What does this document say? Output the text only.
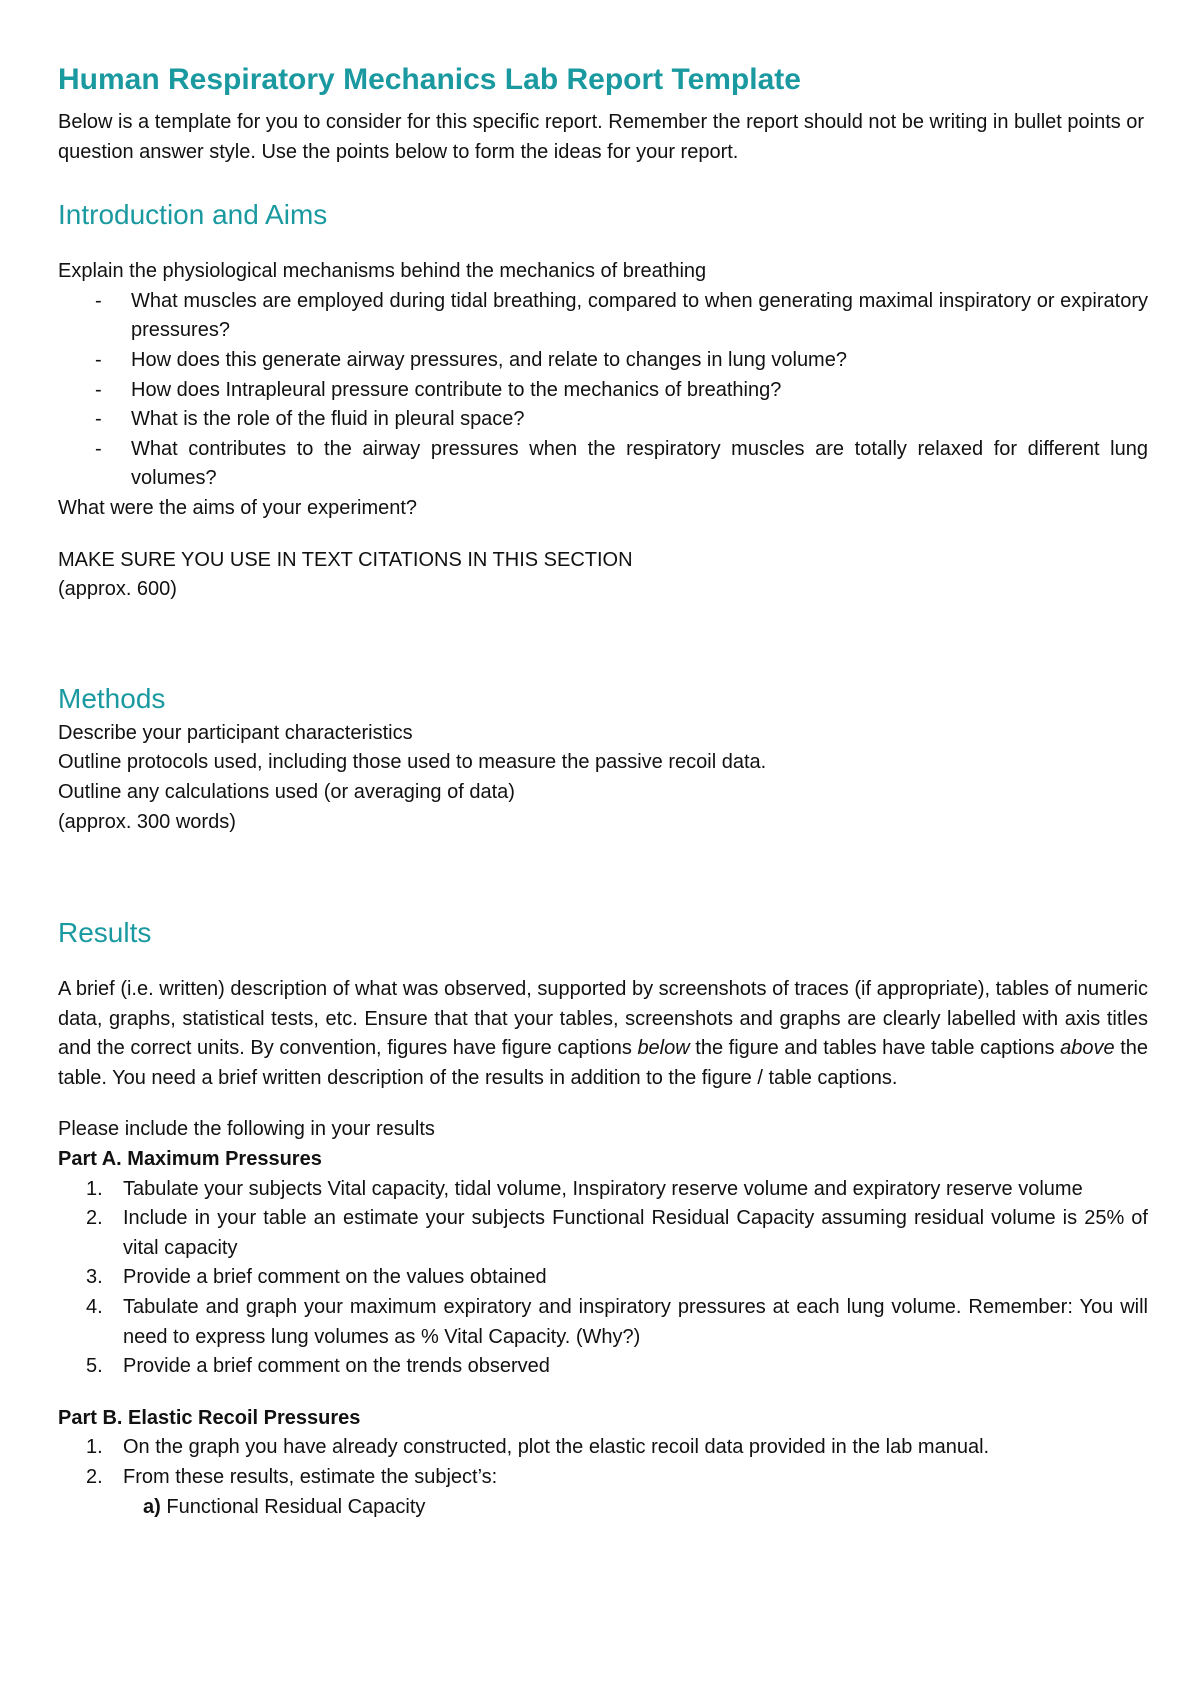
Human Respiratory Mechanics Lab Report Template

Below is a template for you to consider for this specific report. Remember the report should not be writing in bullet points or question answer style. Use the points below to form the ideas for your report.

Introduction and Aims

Explain the physiological mechanisms behind the mechanics of breathing

- What muscles are employed during tidal breathing, compared to when generating maximal inspiratory or expiratory pressures?
- How does this generate airway pressures, and relate to changes in lung volume?
- How does Intrapleural pressure contribute to the mechanics of breathing?
- What is the role of the fluid in pleural space?
- What contributes to the airway pressures when the respiratory muscles are totally relaxed for different lung volumes?

What were the aims of your experiment?

MAKE SURE YOU USE IN TEXT CITATIONS IN THIS SECTION

(approx. 600)

Methods

Describe your participant characteristics

Outline protocols used, including those used to measure the passive recoil data.

Outline any calculations used (or averaging of data)

(approx. 300 words)

Results

A brief (i.e. written) description of what was observed, supported by screenshots of traces (if appropriate), tables of numeric data, graphs, statistical tests, etc. Ensure that that your tables, screenshots and graphs are clearly labelled with axis titles and the correct units. By convention, figures have figure captions below the figure and tables have table captions above the table. You need a brief written description of the results in addition to the figure / table captions.

Please include the following in your results

Part A. Maximum Pressures

1. Tabulate your subjects Vital capacity, tidal volume, Inspiratory reserve volume and expiratory reserve volume
2. Include in your table an estimate your subjects Functional Residual Capacity assuming residual volume is 25% of vital capacity
3. Provide a brief comment on the values obtained
4. Tabulate and graph your maximum expiratory and inspiratory pressures at each lung volume. Remember: You will need to express lung volumes as % Vital Capacity. (Why?)
5. Provide a brief comment on the trends observed

Part B. Elastic Recoil Pressures

1. On the graph you have already constructed, plot the elastic recoil data provided in the lab manual.
2. From these results, estimate the subject’s:

a) Functional Residual Capacity
